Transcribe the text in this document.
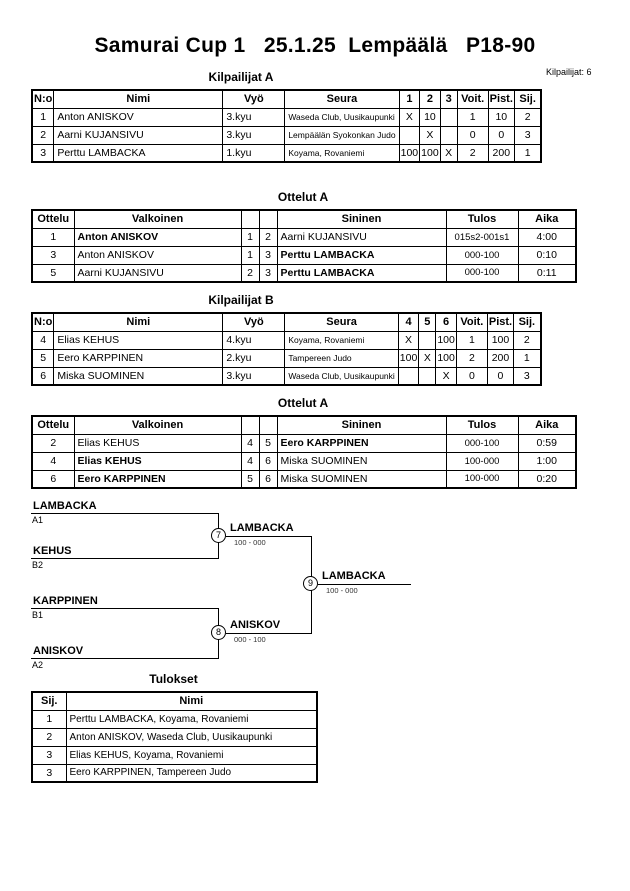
Samurai Cup 1   25.1.25  Lempäälä   P18-90
Kilpailijat: 6
Kilpailijat A
N:o	Nimi	Vyö	Seura	1	2	3	Voit.	Pist.	Sij.
1	Anton ANISKOV	3.kyu	Waseda Club, Uusikaupunki	X	10		1	10	2
2	Aarni KUJANSIVU	3.kyu	Lempäälän Syokonkan Judo		X		0	0	3
3	Perttu LAMBACKA	1.kyu	Koyama, Rovaniemi	100	100	X	2	200	1
Ottelut A
Ottelu	Valkoinen			Sininen	Tulos	Aika
1	Anton ANISKOV	1	2	Aarni KUJANSIVU	015s2-001s1	4:00
3	Anton ANISKOV	1	3	Perttu LAMBACKA	000-100	0:10
5	Aarni KUJANSIVU	2	3	Perttu LAMBACKA	000-100	0:11
Kilpailijat B
N:o	Nimi	Vyö	Seura	4	5	6	Voit.	Pist.	Sij.
4	Elias KEHUS	4.kyu	Koyama, Rovaniemi	X		100	1	100	2
5	Eero KARPPINEN	2.kyu	Tampereen Judo	100	X	100	2	200	1
6	Miska SUOMINEN	3.kyu	Waseda Club, Uusikaupunki			X	0	0	3
Ottelut A
Ottelu	Valkoinen			Sininen	Tulos	Aika
2	Elias KEHUS	4	5	Eero KARPPINEN	000-100	0:59
4	Elias KEHUS	4	6	Miska SUOMINEN	100-000	1:00
6	Eero KARPPINEN	5	6	Miska SUOMINEN	100-000	0:20
LAMBACKA
A1
KEHUS
B2
7
LAMBACKA
100 - 000
KARPPINEN
B1
ANISKOV
A2
8
ANISKOV
000 - 100
9
LAMBACKA
100 - 000
Tulokset
Sij.	Nimi
1	Perttu LAMBACKA, Koyama, Rovaniemi
2	Anton ANISKOV, Waseda Club, Uusikaupunki
3	Elias KEHUS, Koyama, Rovaniemi
3	Eero KARPPINEN, Tampereen Judo
